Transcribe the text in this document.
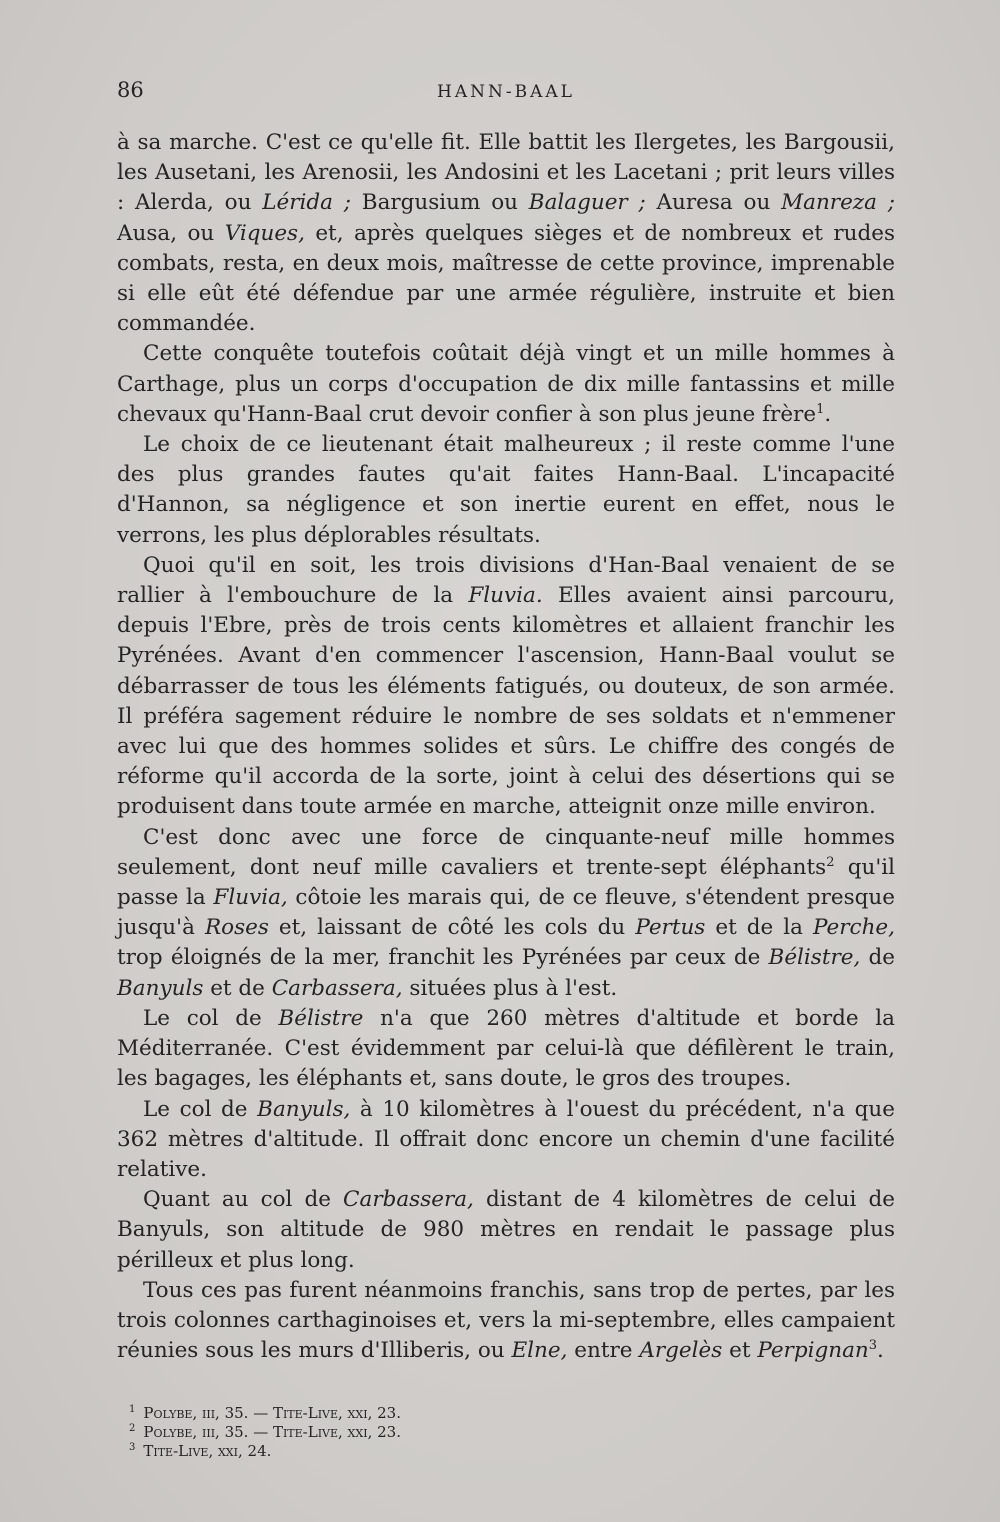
86	HANN-BAAL

à sa marche. C'est ce qu'elle fit. Elle battit les Ilergetes, les Bargousii, les Ausetani, les Arenosii, les Andosini et les Lacetani ; prit leurs villes : Alerda, ou Lérida ; Bargusium ou Balaguer ; Auresa ou Manreza ; Ausa, ou Viques, et, après quelques sièges et de nombreux et rudes combats, resta, en deux mois, maîtresse de cette province, imprenable si elle eût été défendue par une armée régulière, instruite et bien commandée.

Cette conquête toutefois coûtait déjà vingt et un mille hommes à Carthage, plus un corps d'occupation de dix mille fantassins et mille chevaux qu'Hann-Baal crut devoir confier à son plus jeune frère$^1$.

Le choix de ce lieutenant était malheureux ; il reste comme l'une des plus grandes fautes qu'ait faites Hann-Baal. L'incapacité d'Hannon, sa négligence et son inertie eurent en effet, nous le verrons, les plus déplorables résultats.

Quoi qu'il en soit, les trois divisions d'Han-Baal venaient de se rallier à l'embouchure de la Fluvia. Elles avaient ainsi parcouru, depuis l'Ebre, près de trois cents kilomètres et allaient franchir les Pyrénées. Avant d'en commencer l'ascension, Hann-Baal voulut se débarrasser de tous les éléments fatigués, ou douteux, de son armée. Il préféra sagement réduire le nombre de ses soldats et n'emmener avec lui que des hommes solides et sûrs. Le chiffre des congés de réforme qu'il accorda de la sorte, joint à celui des désertions qui se produisent dans toute armée en marche, atteignit onze mille environ.

C'est donc avec une force de cinquante-neuf mille hommes seulement, dont neuf mille cavaliers et trente-sept éléphants$^2$ qu'il passe la Fluvia, côtoie les marais qui, de ce fleuve, s'étendent presque jusqu'à Roses et, laissant de côté les cols du Pertus et de la Perche, trop éloignés de la mer, franchit les Pyrénées par ceux de Bélistre, de Banyuls et de Carbassera, situées plus à l'est.

Le col de Bélistre n'a que 260 mètres d'altitude et borde la Méditerranée. C'est évidemment par celui-là que défilèrent le train, les bagages, les éléphants et, sans doute, le gros des troupes.

Le col de Banyuls, à 10 kilomètres à l'ouest du précédent, n'a que 362 mètres d'altitude. Il offrait donc encore un chemin d'une facilité relative.

Quant au col de Carbassera, distant de 4 kilomètres de celui de Banyuls, son altitude de 980 mètres en rendait le passage plus périlleux et plus long.

Tous ces pas furent néanmoins franchis, sans trop de pertes, par les trois colonnes carthaginoises et, vers la mi-septembre, elles campaient réunies sous les murs d'Illiberis, ou Elne, entre Argelès et Perpignan$^3$.

$^1$ Polybe, iii, 35. — Tite-Live, xxi, 23.

$^2$ Polybe, iii, 35. — Tite-Live, xxi, 23.

$^3$ Tite-Live, xxi, 24.
